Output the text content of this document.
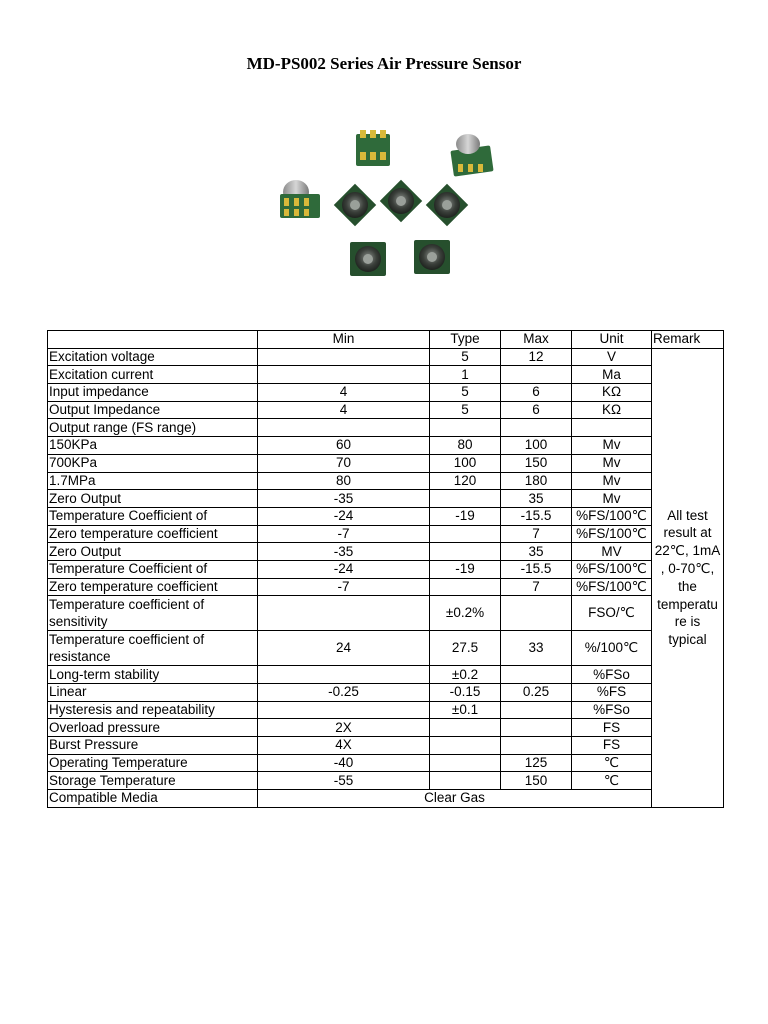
MD-PS002 Series Air Pressure Sensor
	Min	Type	Max	Unit	Remark
Excitation voltage		5	12	V	All test result at 22℃, 1mA , 0-70℃, the temperatu re is typical
Excitation current		1		Ma	
Input impedance	4	5	6	KΩ	
Output Impedance	4	5	6	KΩ	
Output range (FS range)					
150KPa	60	80	100	Mv	
700KPa	70	100	150	Mv	
1.7MPa	80	120	180	Mv	
Zero Output	-35		35	Mv	
Temperature Coefficient of	-24	-19	-15.5	%FS/100℃	
Zero temperature coefficient	-7		7	%FS/100℃	
Zero Output	-35		35	MV	
Temperature Coefficient of	-24	-19	-15.5	%FS/100℃	
Zero temperature coefficient	-7		7	%FS/100℃	
Temperature coefficient of sensitivity		±0.2%		FSO/℃	
Temperature coefficient of resistance	24	27.5	33	%/100℃	
Long-term stability		±0.2		%FSo	
Linear	-0.25	-0.15	0.25	%FS	
Hysteresis and repeatability		±0.1		%FSo	
Overload pressure	2X			FS	
Burst Pressure	4X			FS	
Operating Temperature	-40		125	℃	
Storage Temperature	-55		150	℃	
Compatible Media	Clear Gas				
